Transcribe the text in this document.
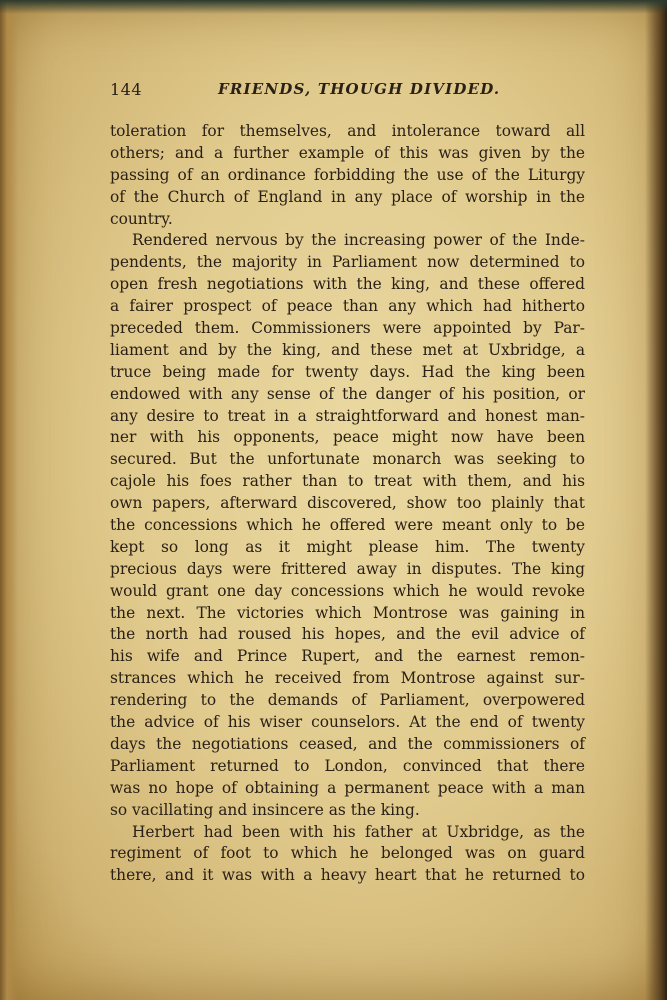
144	FRIENDS, THOUGH DIVIDED.
toleration for themselves, and intolerance toward all
others; and a further example of this was given by the
passing of an ordinance forbidding the use of the Liturgy
of the Church of England in any place of worship in the
country.
Rendered nervous by the increasing power of the Inde-
pendents, the majority in Parliament now determined to
open fresh negotiations with the king, and these offered
a fairer prospect of peace than any which had hitherto
preceded them. Commissioners were appointed by Par-
liament and by the king, and these met at Uxbridge, a
truce being made for twenty days. Had the king been
endowed with any sense of the danger of his position, or
any desire to treat in a straightforward and honest man-
ner with his opponents, peace might now have been
secured. But the unfortunate monarch was seeking to
cajole his foes rather than to treat with them, and his
own papers, afterward discovered, show too plainly that
the concessions which he offered were meant only to be
kept so long as it might please him. The twenty
precious days were frittered away in disputes. The king
would grant one day concessions which he would revoke
the next. The victories which Montrose was gaining in
the north had roused his hopes, and the evil advice of
his wife and Prince Rupert, and the earnest remon-
strances which he received from Montrose against sur-
rendering to the demands of Parliament, overpowered
the advice of his wiser counselors. At the end of twenty
days the negotiations ceased, and the commissioners of
Parliament returned to London, convinced that there
was no hope of obtaining a permanent peace with a man
so vacillating and insincere as the king.
Herbert had been with his father at Uxbridge, as the
regiment of foot to which he belonged was on guard
there, and it was with a heavy heart that he returned to
